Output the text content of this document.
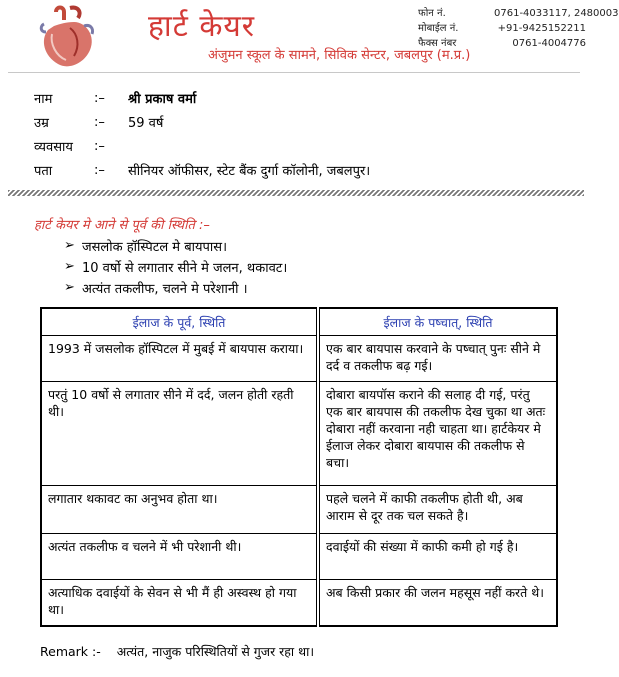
हार्ट केयर
अंजुमन स्कूल के सामने, सिविक सेन्टर, जबलपुर (म.प्र.)
फोन नं.	0761-4033117, 2480003
मोबाईल नं.	+91-9425152211
फैक्स नंबर	0761-4004776
नाम	:–	श्री प्रकाष वर्मा
उम्र	:–	59 वर्ष
व्यवसाय	:–
पता	:–	सीनियर ऑफीसर, स्टेट बैंक दुर्गा कॉलोनी, जबलपुर।
हार्ट केयर मे आने से पूर्व की स्थिति :–
➢ जसलोक हॉस्पिटल मे बायपास।
➢ 10 वर्षो से लगातार सीने मे जलन, थकावट।
➢ अत्यंत तकलीफ, चलने मे परेशानी ।
ईलाज के पूर्व, स्थिति	ईलाज के पष्चात्, स्थिति
1993 में जसलोक हॉस्पिटल में मुबई में बायपास कराया।	एक बार बायपास करवाने के पष्चात् पुनः सीने मे दर्द व तकलीफ बढ़ गई।
परतुं 10 वर्षो से लगातार सीने में दर्द, जलन होती रहती थी।	दोबारा बायपॉस कराने की सलाह दी गई, परंतु एक बार बायपास की तकलीफ देख चुका था अतः दोबारा नहीं करवाना नही चाहता था। हार्टकेयर मे ईलाज लेकर दोबारा बायपास की तकलीफ से बचा।
लगातार थकावट का अनुभव होता था।	पहले चलने में काफी तकलीफ होती थी, अब आराम से दूर तक चल सकते है।
अत्यंत तकलीफ व चलने में भी परेशानी थी।	दवाईयों की संख्या में काफी कमी हो गई है।
अत्याधिक दवाईयों के सेवन से भी मैं ही अस्वस्थ हो गया था।	अब किसी प्रकार की जलन महसूस नहीं करते थे।
Remark :- अत्यंत, नाजुक परिस्थितियों से गुजर रहा था।
